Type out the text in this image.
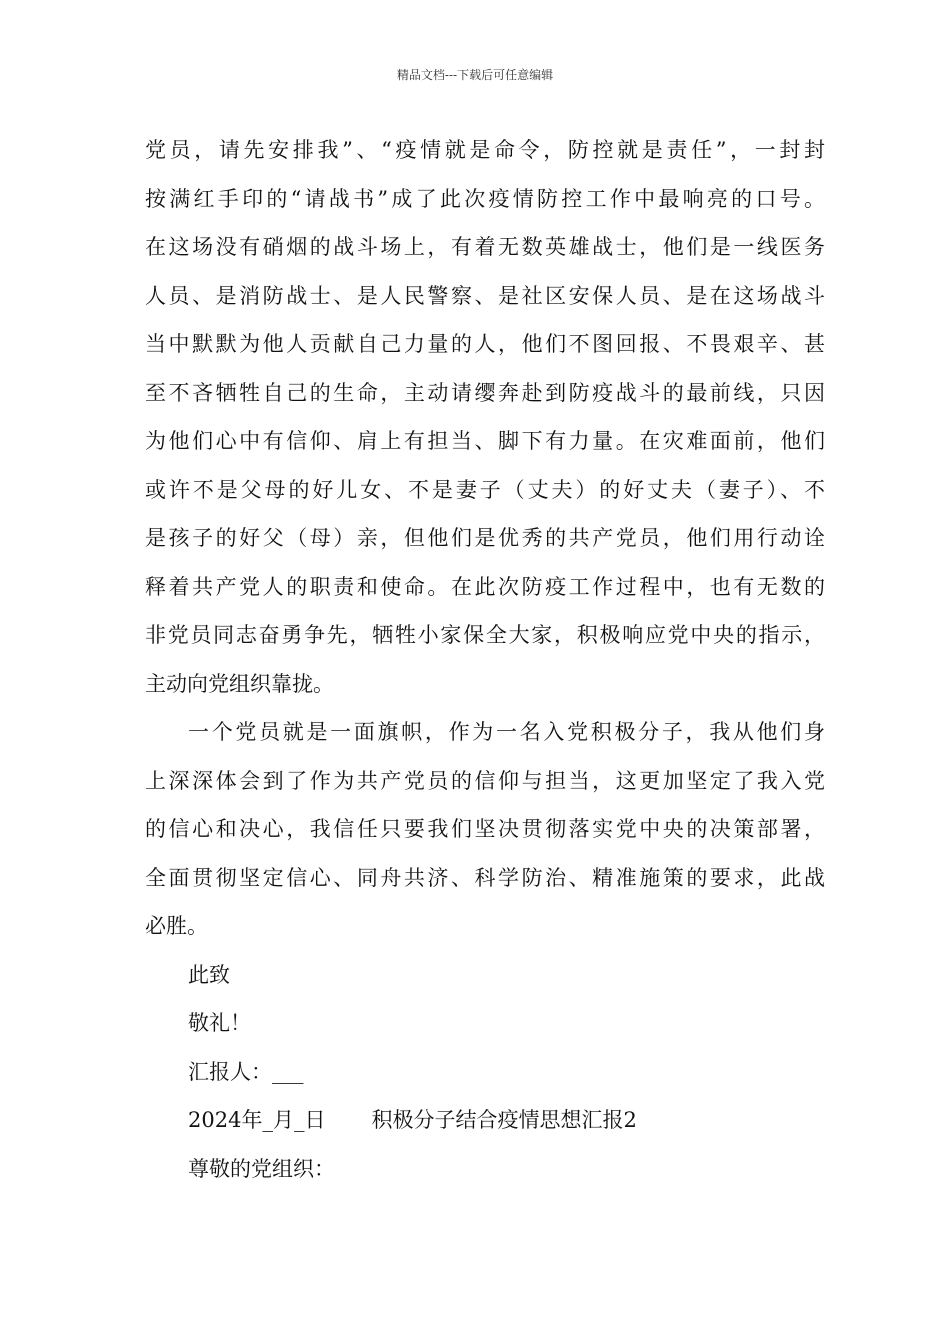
精品文档---下载后可任意编辑
党员，请先安排我”、“疫情就是命令，防控就是责任”，一封封
按满红手印的“请战书”成了此次疫情防控工作中最响亮的口号。
在这场没有硝烟的战斗场上，有着无数英雄战士，他们是一线医务
人员、是消防战士、是人民警察、是社区安保人员、是在这场战斗
当中默默为他人贡献自己力量的人，他们不图回报、不畏艰辛、甚
至不吝牺牲自己的生命，主动请缨奔赴到防疫战斗的最前线，只因
为他们心中有信仰、肩上有担当、脚下有力量。在灾难面前，他们
或许不是父母的好儿女、不是妻子（丈夫）的好丈夫（妻子）、不
是孩子的好父（母）亲，但他们是优秀的共产党员，他们用行动诠
释着共产党人的职责和使命。在此次防疫工作过程中，也有无数的
非党员同志奋勇争先，牺牲小家保全大家，积极响应党中央的指示，
主动向党组织靠拢。
一个党员就是一面旗帜，作为一名入党积极分子，我从他们身
上深深体会到了作为共产党员的信仰与担当，这更加坚定了我入党
的信心和决心，我信任只要我们坚决贯彻落实党中央的决策部署，
全面贯彻坚定信心、同舟共济、科学防治、精准施策的要求，此战
必胜。
此致
敬礼！
汇报人：___
2024年_月_日 积极分子结合疫情思想汇报2
尊敬的党组织：
